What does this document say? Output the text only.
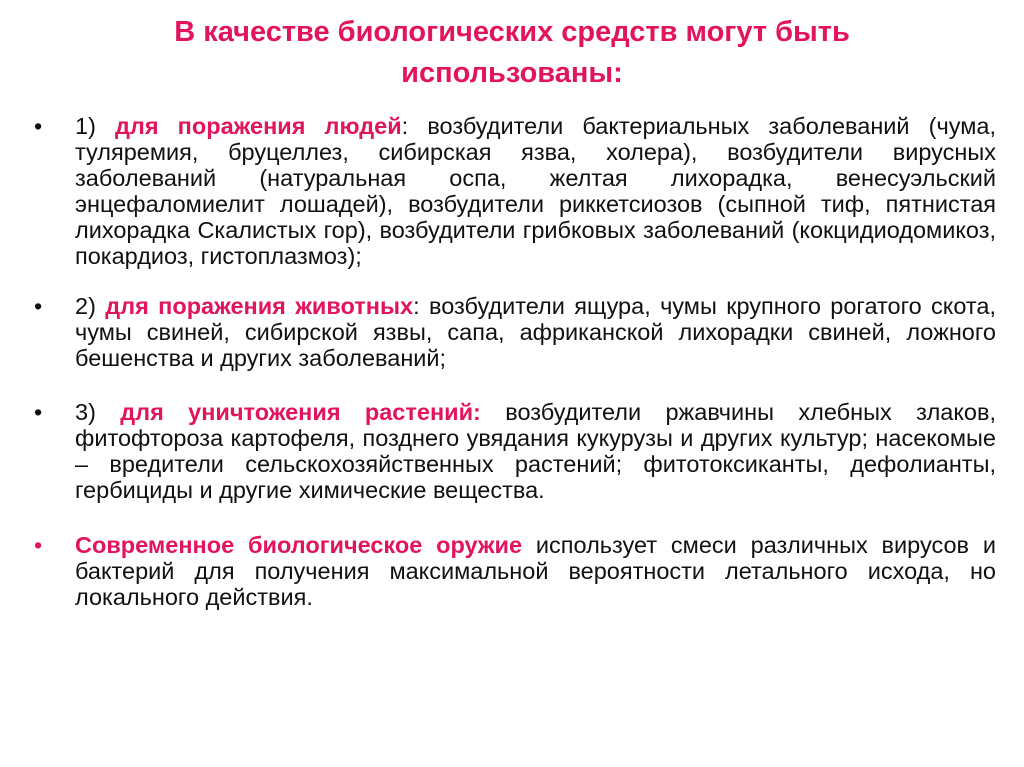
В качестве биологических средств могут быть использованы:
• 1) для поражения людей: возбудители бактериальных заболеваний (чума, туляремия, бруцеллез, сибирская язва, холера), возбудители вирусных заболеваний (натуральная оспа, желтая лихорадка, венесуэльский энцефаломиелит лошадей), возбудители риккетсиозов (сыпной тиф, пятнистая лихорадка Скалистых гор), возбудители грибковых заболеваний (кокцидиодомикоз, покардиоз, гистоплазмоз);
• 2) для поражения животных: возбудители ящура, чумы крупного рогатого скота, чумы свиней, сибирской язвы, сапа, африканской лихорадки свиней, ложного бешенства и других заболеваний;
• 3) для уничтожения растений: возбудители ржавчины хлебных злаков, фитофтороза картофеля, позднего увядания кукурузы и других культур; насекомые – вредители сельскохозяйственных растений; фитотоксиканты, дефолианты, гербициды и другие химические вещества.
• Современное биологическое оружие использует смеси различных вирусов и бактерий для получения максимальной вероятности летального исхода, но локального действия.
